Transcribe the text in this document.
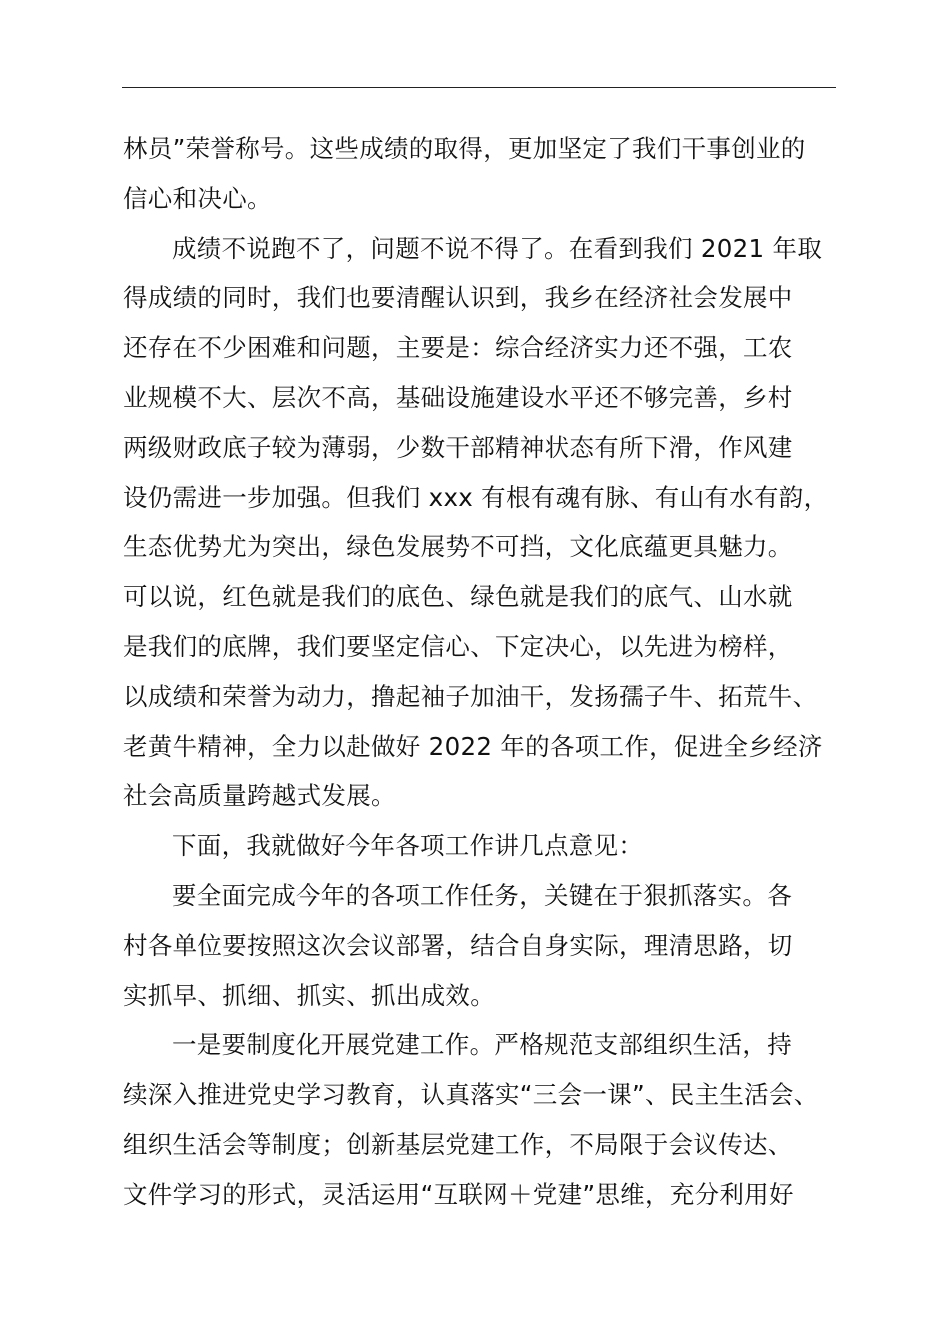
林员”荣誉称号。这些成绩的取得，更加坚定了我们干事创业的
信心和决心。
成绩不说跑不了，问题不说不得了。在看到我们 2021 年取
得成绩的同时，我们也要清醒认识到，我乡在经济社会发展中
还存在不少困难和问题，主要是：综合经济实力还不强，工农
业规模不大、层次不高，基础设施建设水平还不够完善，乡村
两级财政底子较为薄弱，少数干部精神状态有所下滑，作风建
设仍需进一步加强。但我们 xxx 有根有魂有脉、有山有水有韵，
生态优势尤为突出，绿色发展势不可挡，文化底蕴更具魅力。
可以说，红色就是我们的底色、绿色就是我们的底气、山水就
是我们的底牌，我们要坚定信心、下定决心，以先进为榜样，
以成绩和荣誉为动力，撸起袖子加油干，发扬孺子牛、拓荒牛、
老黄牛精神，全力以赴做好 2022 年的各项工作，促进全乡经济
社会高质量跨越式发展。
下面，我就做好今年各项工作讲几点意见：
要全面完成今年的各项工作任务，关键在于狠抓落实。各
村各单位要按照这次会议部署，结合自身实际，理清思路，切
实抓早、抓细、抓实、抓出成效。
一是要制度化开展党建工作。严格规范支部组织生活，持
续深入推进党史学习教育，认真落实“三会一课”、民主生活会、
组织生活会等制度；创新基层党建工作，不局限于会议传达、
文件学习的形式，灵活运用“互联网＋党建”思维，充分利用好
